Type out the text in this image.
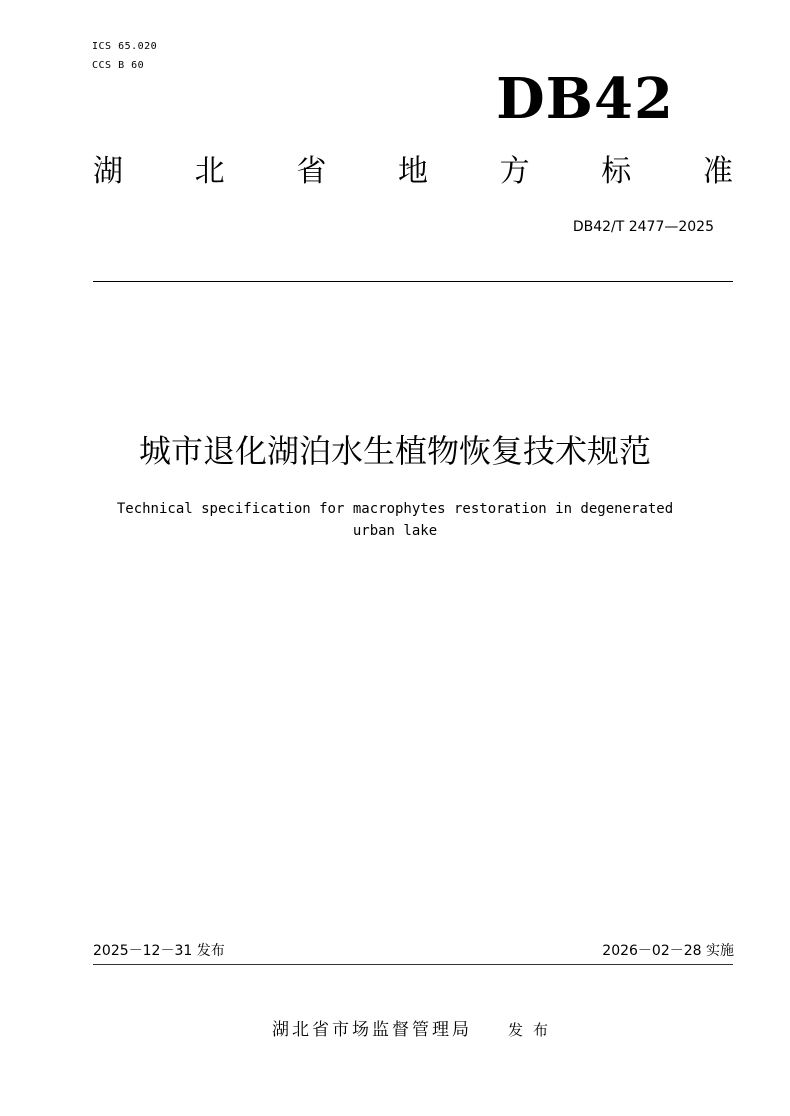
ICS 65.020
CCS B 60
DB42
湖 北 省 地 方 标 准
DB42/T 2477—2025
城市退化湖泊水生植物恢复技术规范
Technical specification for macrophytes restoration in degenerated
urban lake
2025－12－31 发布	2026－02－28 实施
湖北省市场监督管理局 发布
